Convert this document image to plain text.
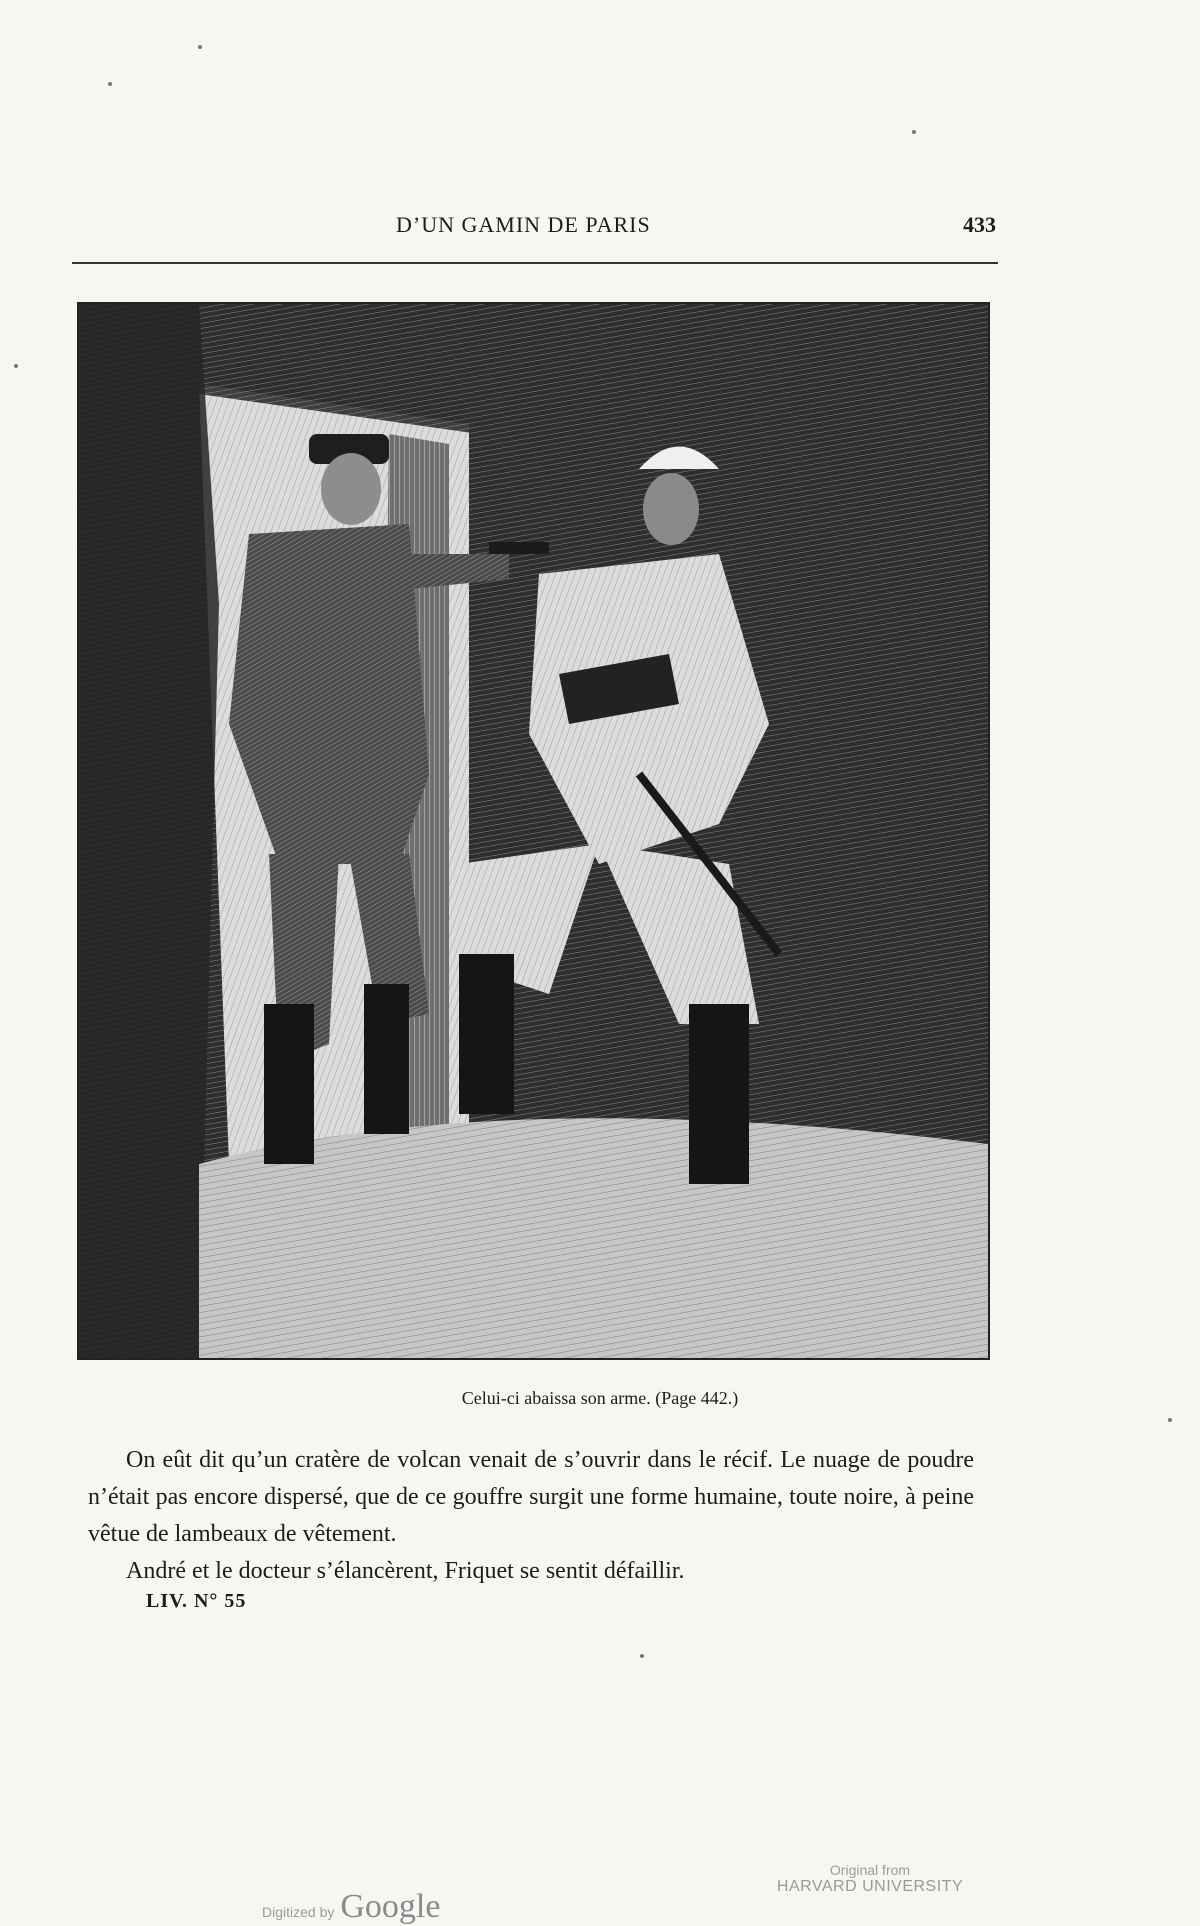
D’UN GAMIN DE PARIS	433
Celui-ci abaissa son arme. (Page 442.)

On eût dit qu’un cratère de volcan venait de s’ouvrir dans le récif. Le nuage de poudre n’était pas encore dispersé, que de ce gouffre surgit une forme humaine, toute noire, à peine vêtue de lambeaux de vêtement.

André et le docteur s’élancèrent, Friquet se sentit défaillir.

LIV. N° 55
Digitized by Google
Original from
HARVARD UNIVERSITY
